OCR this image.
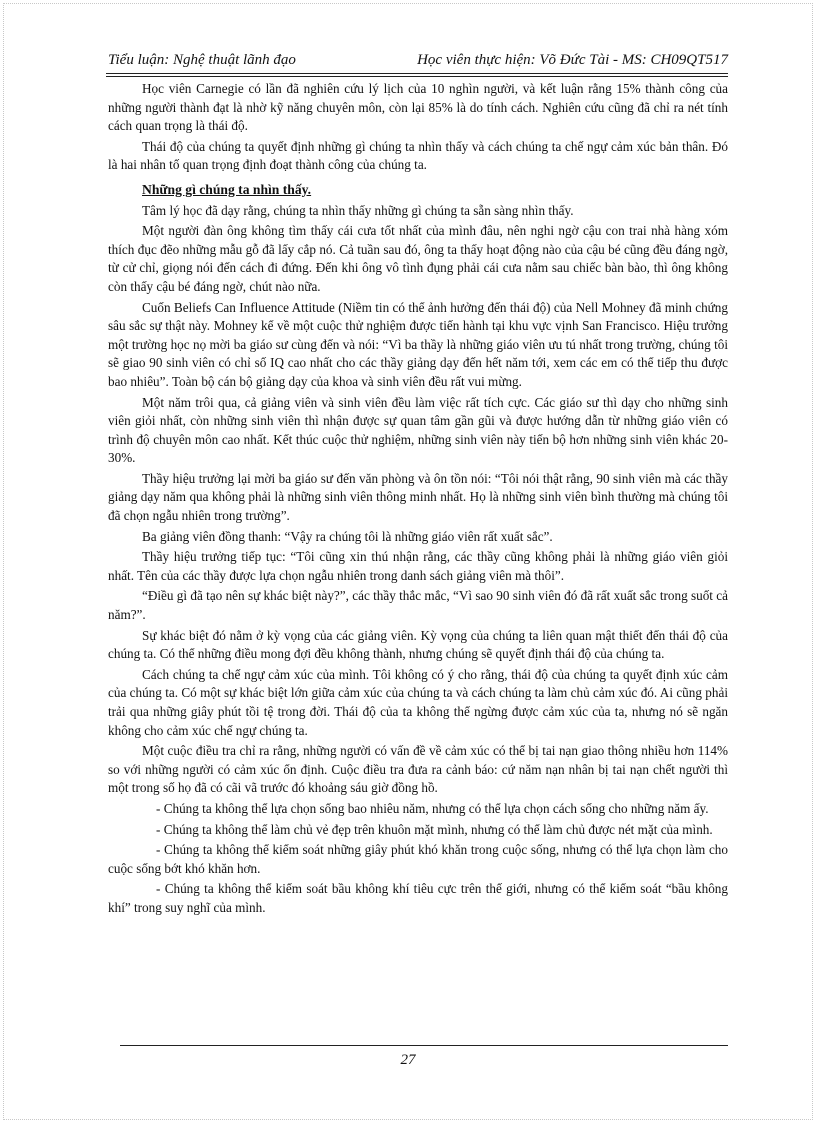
Tiểu luận: Nghệ thuật lãnh đạo	Học viên thực hiện: Võ Đức Tài - MS: CH09QT517

Học viên Carnegie có lần đã nghiên cứu lý lịch của 10 nghìn người, và kết luận rằng 15% thành công của những người thành đạt là nhờ kỹ năng chuyên môn, còn lại 85% là do tính cách. Nghiên cứu cũng đã chỉ ra nét tính cách quan trọng là thái độ.

Thái độ của chúng ta quyết định những gì chúng ta nhìn thấy và cách chúng ta chế ngự cảm xúc bản thân. Đó là hai nhân tố quan trọng định đoạt thành công của chúng ta.

Những gì chúng ta nhìn thấy.

Tâm lý học đã dạy rằng, chúng ta nhìn thấy những gì chúng ta sẵn sàng nhìn thấy.

Một người đàn ông không tìm thấy cái cưa tốt nhất của mình đâu, nên nghi ngờ cậu con trai nhà hàng xóm thích đục đẽo những mẫu gỗ đã lấy cắp nó. Cả tuần sau đó, ông ta thấy hoạt động nào của cậu bé cũng đều đáng ngờ, từ cử chỉ, giọng nói đến cách đi đứng. Đến khi ông vô tình đụng phải cái cưa nằm sau chiếc bàn bào, thì ông không còn thấy cậu bé đáng ngờ, chút nào nữa.

Cuốn Beliefs Can Influence Attitude (Niềm tin có thể ảnh hưởng đến thái độ) của Nell Mohney đã minh chứng sâu sắc sự thật này. Mohney kể về một cuộc thử nghiệm được tiến hành tại khu vực vịnh San Francisco. Hiệu trưởng một trường học nọ mời ba giáo sư cùng đến và nói: “Vì ba thầy là những giáo viên ưu tú nhất trong trường, chúng tôi sẽ giao 90 sinh viên có chỉ số IQ cao nhất cho các thầy giảng dạy đến hết năm tới, xem các em có thể tiếp thu được bao nhiêu”. Toàn bộ cán bộ giảng dạy của khoa và sinh viên đều rất vui mừng.

Một năm trôi qua, cả giảng viên và sinh viên đều làm việc rất tích cực. Các giáo sư thì dạy cho những sinh viên giỏi nhất, còn những sinh viên thì nhận được sự quan tâm gần gũi và được hướng dẫn từ những giáo viên có trình độ chuyên môn cao nhất. Kết thúc cuộc thử nghiệm, những sinh viên này tiến bộ hơn những sinh viên khác 20-30%.

Thầy hiệu trưởng lại mời ba giáo sư đến văn phòng và ôn tồn nói: “Tôi nói thật rằng, 90 sinh viên mà các thầy giảng dạy năm qua không phải là những sinh viên thông minh nhất. Họ là những sinh viên bình thường mà chúng tôi đã chọn ngẫu nhiên trong trường”.

Ba giảng viên đồng thanh: “Vậy ra chúng tôi là những giáo viên rất xuất sắc”.

Thầy hiệu trưởng tiếp tục: “Tôi cũng xin thú nhận rằng, các thầy cũng không phải là những giáo viên giỏi nhất. Tên của các thầy được lựa chọn ngẫu nhiên trong danh sách giảng viên mà thôi”.

“Điều gì đã tạo nên sự khác biệt này?”, các thầy thắc mắc, “Vì sao 90 sinh viên đó đã rất xuất sắc trong suốt cả năm?”.

Sự khác biệt đó nằm ở kỳ vọng của các giảng viên. Kỳ vọng của chúng ta liên quan mật thiết đến thái độ của chúng ta. Có thể những điều mong đợi đều không thành, nhưng chúng sẽ quyết định thái độ của chúng ta.

Cách chúng ta chế ngự cảm xúc của mình. Tôi không có ý cho rằng, thái độ của chúng ta quyết định xúc cảm của chúng ta. Có một sự khác biệt lớn giữa cảm xúc của chúng ta và cách chúng ta làm chủ cảm xúc đó. Ai cũng phải trải qua những giây phút tồi tệ trong đời. Thái độ của ta không thể ngừng được cảm xúc của ta, nhưng nó sẽ ngăn không cho cảm xúc chế ngự chúng ta.

Một cuộc điều tra chỉ ra rằng, những người có vấn đề về cảm xúc có thể bị tai nạn giao thông nhiều hơn 114% so với những người có cảm xúc ổn định. Cuộc điều tra đưa ra cảnh báo: cứ năm nạn nhân bị tai nạn chết người thì một trong số họ đã có cãi vã trước đó khoảng sáu giờ đồng hồ.

- Chúng ta không thể lựa chọn sống bao nhiêu năm, nhưng có thể lựa chọn cách sống cho những năm ấy.

- Chúng ta không thể làm chủ vẻ đẹp trên khuôn mặt mình, nhưng có thể làm chủ được nét mặt của mình.

- Chúng ta không thể kiểm soát những giây phút khó khăn trong cuộc sống, nhưng có thể lựa chọn làm cho cuộc sống bớt khó khăn hơn.

- Chúng ta không thể kiểm soát bầu không khí tiêu cực trên thế giới, nhưng có thể kiểm soát “bầu không khí” trong suy nghĩ của mình.

27
